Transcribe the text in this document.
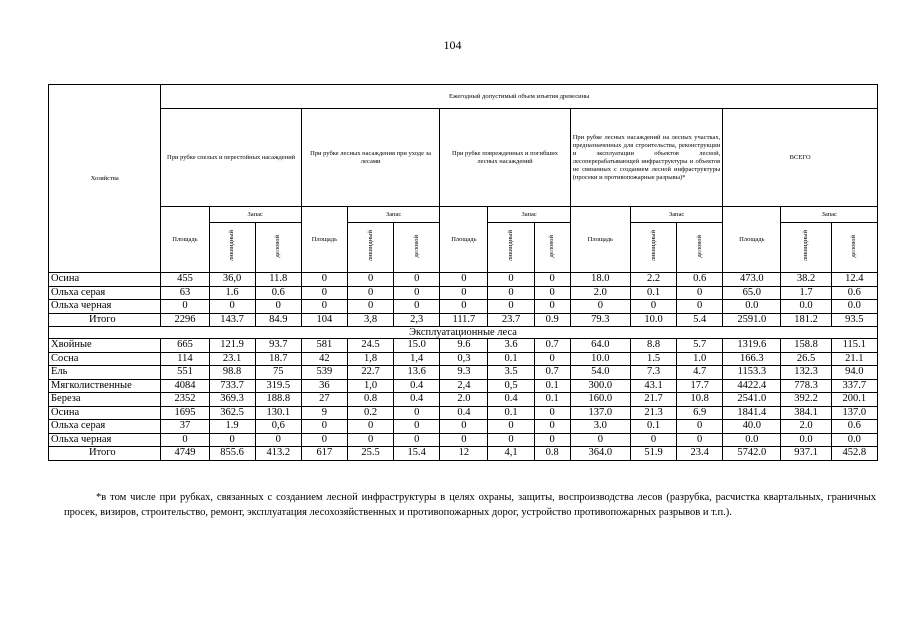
104
Хозяйства	Ежегодный допустимый объем изъятия древесины														
	При рубке спелых и перестойных насаждений			При рубке лесных насаждения при уходе за лесами			При рубке поврежденных и погибших лесных насаждений			При рубке лесных насаждений на лесных участках, предназначенных для строительства, реконструкции и эксплуатации объектов лесной, лесоперерабатывающей инфраструктуры и объектов не связанных с созданием лесной инфраструктуры (просеки и противопожарные разрывы)*			ВСЕГО		
	Площадь	Запас		Площадь	Запас		Площадь	Запас		Площадь	Запас		Площадь	Запас	
		ликвидный	деловой		ликвидный	деловой		ликвидный	деловой		ликвидный	деловой		ликвидный	деловой
Осина	455	36,0	11.8	0	0	0	0	0	0	18.0	2.2	0.6	473.0	38.2	12.4
Ольха серая	63	1.6	0.6	0	0	0	0	0	0	2.0	0.1	0	65.0	1.7	0.6
Ольха черная	0	0	0	0	0	0	0	0	0	0	0	0	0.0	0.0	0.0
Итого	2296	143.7	84.9	104	3,8	2,3	111.7	23.7	0.9	79.3	10.0	5.4	2591.0	181.2	93.5
Эксплуатационные леса															
Хвойные	665	121.9	93.7	581	24.5	15.0	9.6	3.6	0.7	64.0	8.8	5.7	1319.6	158.8	115.1
Сосна	114	23.1	18.7	42	1,8	1,4	0,3	0.1	0	10.0	1.5	1.0	166.3	26.5	21.1
Ель	551	98.8	75	539	22.7	13.6	9.3	3.5	0.7	54.0	7.3	4.7	1153.3	132.3	94.0
Мягколиственные	4084	733.7	319.5	36	1,0	0.4	2,4	0,5	0.1	300.0	43.1	17.7	4422.4	778.3	337.7
Береза	2352	369.3	188.8	27	0.8	0.4	2.0	0.4	0.1	160.0	21.7	10.8	2541.0	392.2	200.1
Осина	1695	362.5	130.1	9	0.2	0	0.4	0.1	0	137.0	21.3	6.9	1841.4	384.1	137.0
Ольха серая	37	1.9	0,6	0	0	0	0	0	0	3.0	0.1	0	40.0	2.0	0.6
Ольха черная	0	0	0	0	0	0	0	0	0	0	0	0	0.0	0.0	0.0
Итого	4749	855.6	413.2	617	25.5	15.4	12	4,1	0.8	364.0	51.9	23.4	5742.0	937.1	452.8
*в том числе при рубках, связанных с созданием лесной инфраструктуры в целях охраны, защиты, воспроизводства лесов (разрубка, расчистка квартальных, граничных просек, визиров, строительство, ремонт, эксплуатация лесохозяйственных и противопожарных дорог, устройство противопожарных разрывов и т.п.).
